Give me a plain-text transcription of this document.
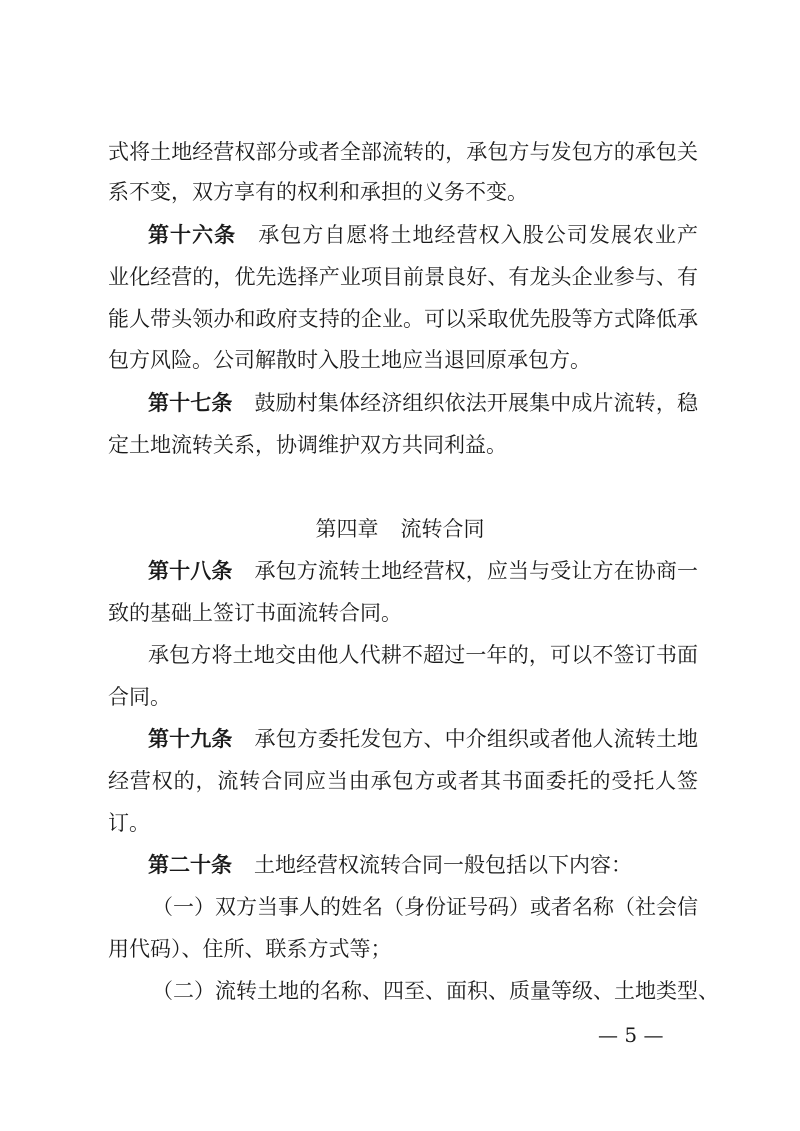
式将土地经营权部分或者全部流转的，承包方与发包方的承包关
系不变，双方享有的权利和承担的义务不变。
第十六条 承包方自愿将土地经营权入股公司发展农业产
业化经营的，优先选择产业项目前景良好、有龙头企业参与、有
能人带头领办和政府支持的企业。可以采取优先股等方式降低承
包方风险。公司解散时入股土地应当退回原承包方。
第十七条 鼓励村集体经济组织依法开展集中成片流转，稳
定土地流转关系，协调维护双方共同利益。
第四章 流转合同
第十八条 承包方流转土地经营权，应当与受让方在协商一
致的基础上签订书面流转合同。
承包方将土地交由他人代耕不超过一年的，可以不签订书面
合同。
第十九条 承包方委托发包方、中介组织或者他人流转土地
经营权的，流转合同应当由承包方或者其书面委托的受托人签
订。
第二十条 土地经营权流转合同一般包括以下内容：
（一）双方当事人的姓名（身份证号码）或者名称（社会信
用代码）、住所、联系方式等；
（二）流转土地的名称、四至、面积、质量等级、土地类型、
— 5 —
